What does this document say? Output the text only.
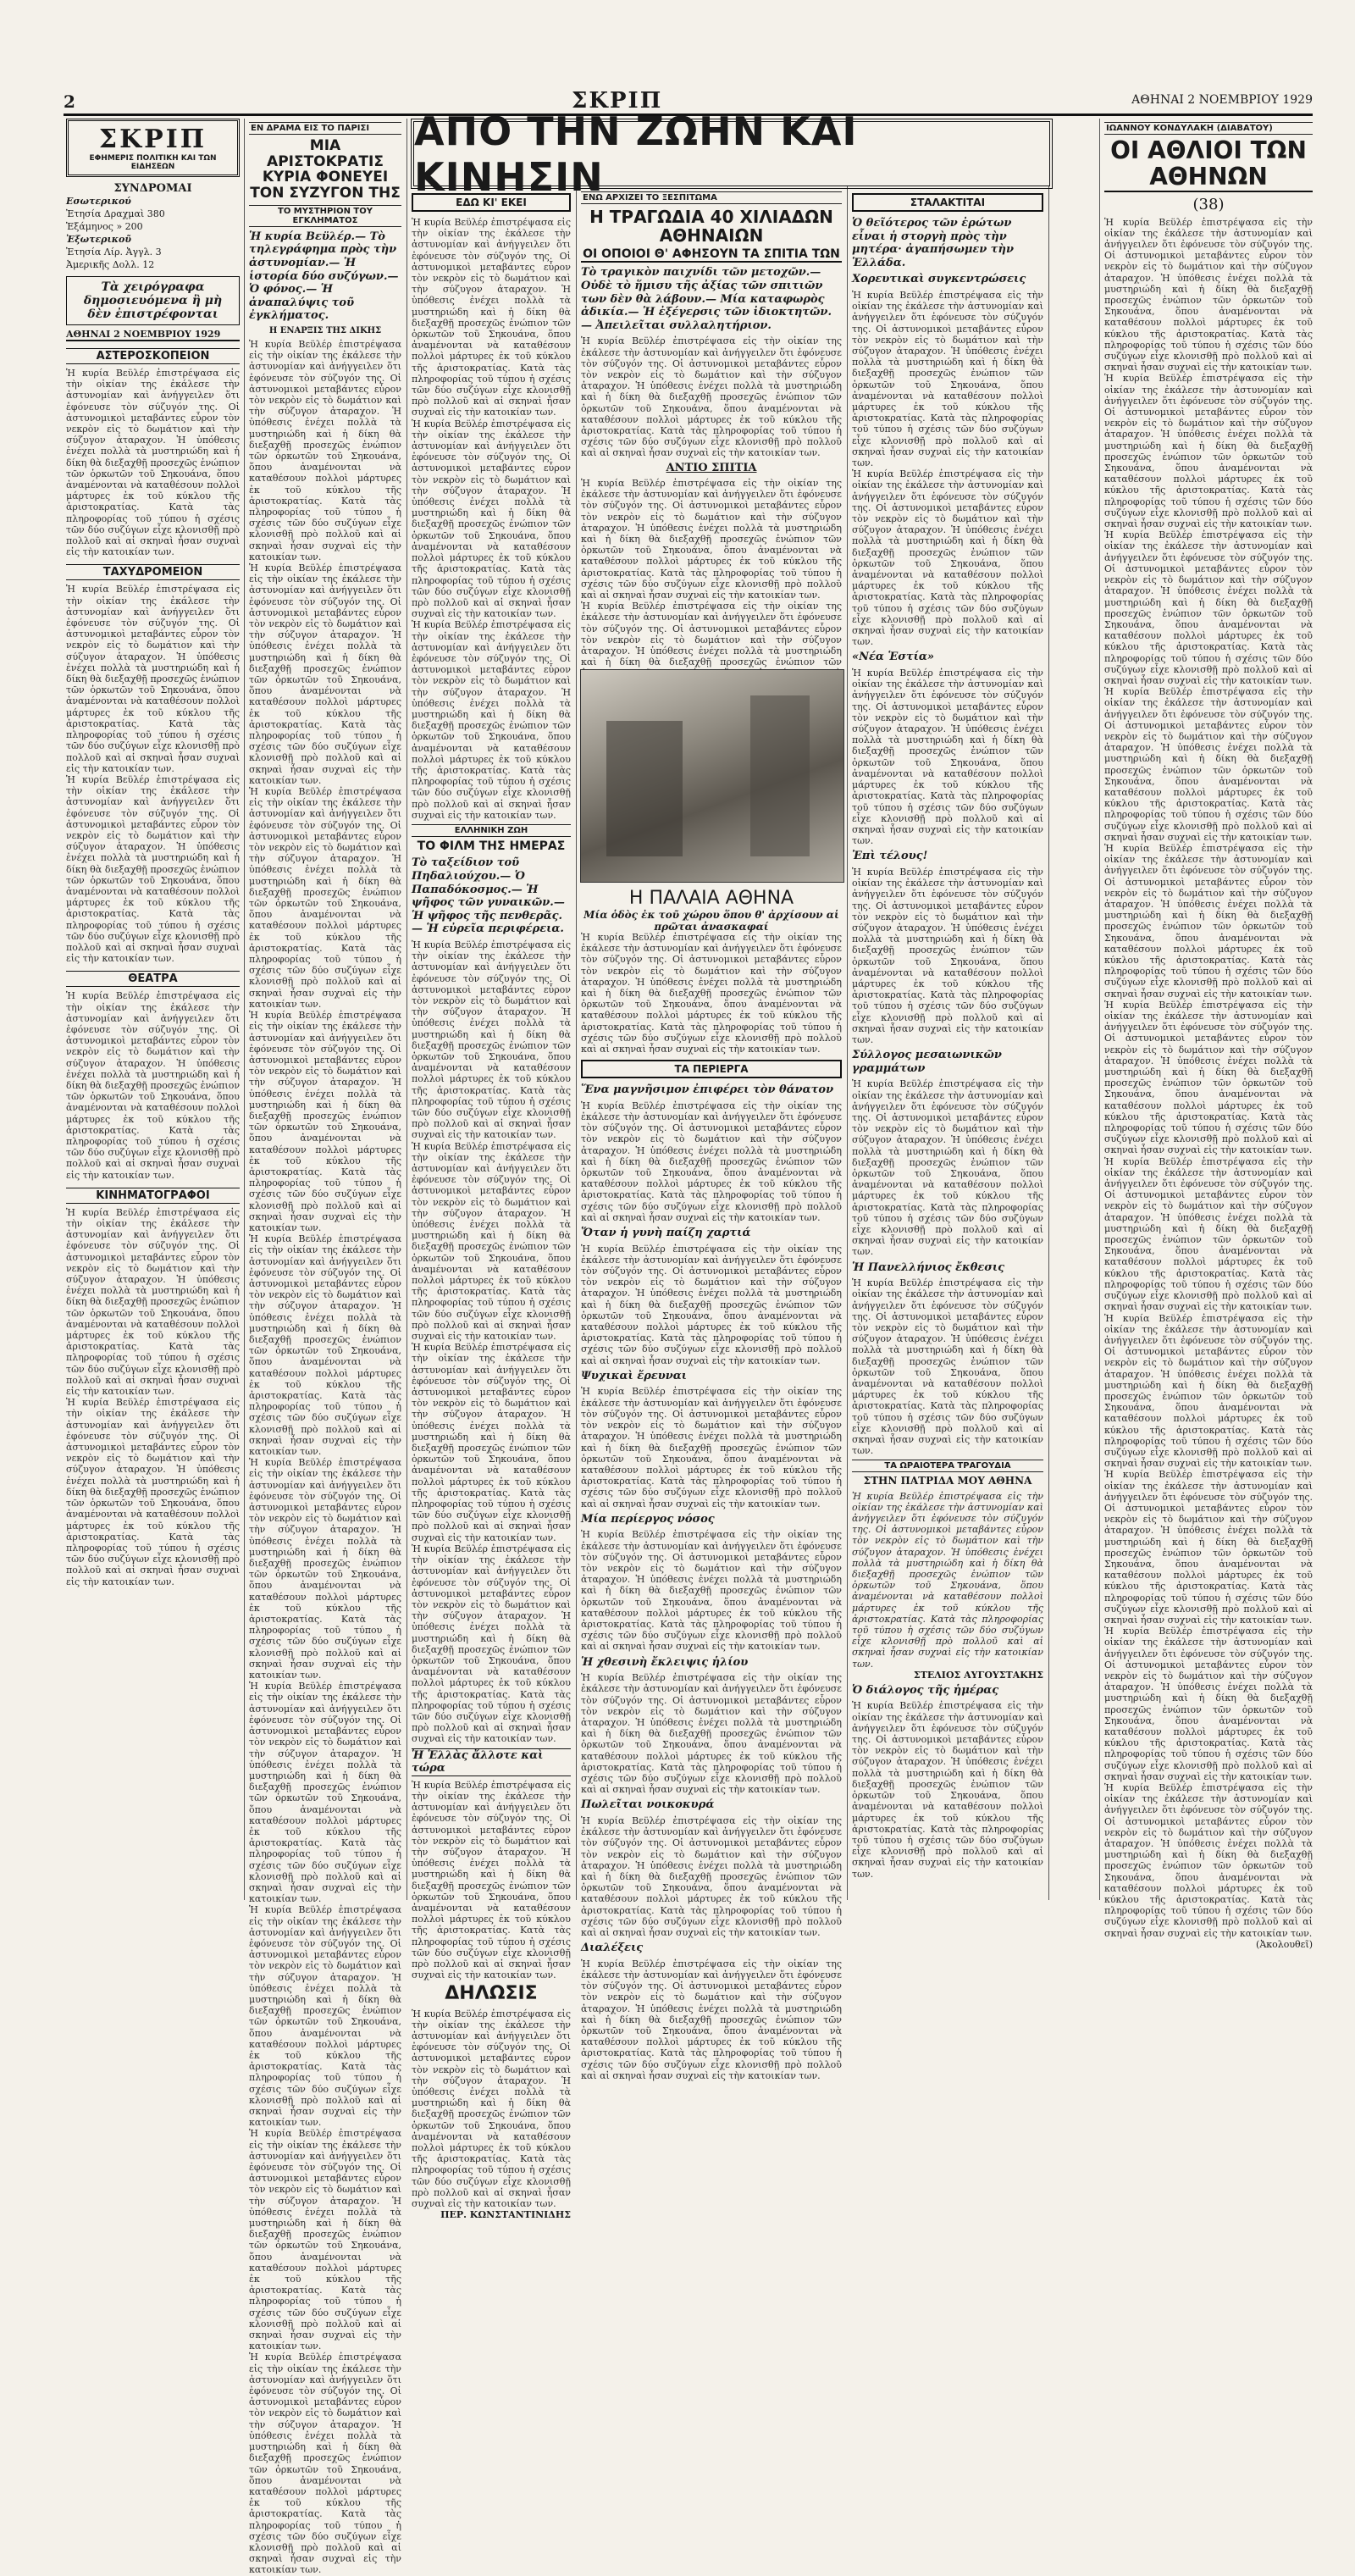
2	ΣΚΡΙΠ	ΑΘΗΝΑΙ 2 ΝΟΕΜΒΡΙΟΥ 1929
ΣΚΡΙΠ
ΕΦΗΜΕΡΙΣ ΠΟΛΙΤΙΚΗ ΚΑΙ ΤΩΝ ΕΙΔΗΣΕΩΝ
ΣΥΝΔΡΟΜΑΙ
Εσωτερικού
Ἐτησία Δραχμαὶ 380
Ἑξάμηνος » 200
Ἐξωτερικοῦ
Ἐτησία Λίρ. Ἀγγλ. 3
Ἀμερικῆς Δολλ. 12
Τὰ χειρόγραφα δημοσιευόμενα ἢ μὴ δὲν ἐπιστρέφονται
ΑΘΗΝΑΙ 2 ΝΟΕΜΒΡΙΟΥ 1929
ΑΣΤΕΡΟΣΚΟΠΕΙΟΝ
Ἡ κυρία Βεϋλέρ ἐπιστρέψασα εἰς τὴν οἰκίαν της ἐκάλεσε τὴν ἀστυνομίαν καὶ ἀνήγγειλεν ὅτι ἐφόνευσε τὸν σύζυγόν της. Οἱ ἀστυνομικοὶ μεταβάντες εὗρον τὸν νεκρὸν εἰς τὸ δωμάτιον καὶ τὴν σύζυγον ἀταραχον. Ἡ ὑπόθεσις ἐνέχει πολλὰ τὰ μυστηριώδη καὶ ἡ δίκη θὰ διεξαχθῇ προσεχῶς ἐνώπιον τῶν ὁρκωτῶν τοῦ Σηκουάνα, ὅπου ἀναμένονται νὰ καταθέσουν πολλοὶ μάρτυρες ἐκ τοῦ κύκλου τῆς ἀριστοκρατίας. Κατὰ τὰς πληροφορίας τοῦ τύπου ἡ σχέσις τῶν δύο συζύγων εἶχε κλονισθῇ πρὸ πολλοῦ καὶ αἱ σκηναὶ ἦσαν συχναὶ εἰς τὴν κατοικίαν των.
ΤΑΧΥΔΡΟΜΕΙΟΝ
Ἡ κυρία Βεϋλέρ ἐπιστρέψασα εἰς τὴν οἰκίαν της ἐκάλεσε τὴν ἀστυνομίαν καὶ ἀνήγγειλεν ὅτι ἐφόνευσε τὸν σύζυγόν της. Οἱ ἀστυνομικοὶ μεταβάντες εὗρον τὸν νεκρὸν εἰς τὸ δωμάτιον καὶ τὴν σύζυγον ἀταραχον. Ἡ ὑπόθεσις ἐνέχει πολλὰ τὰ μυστηριώδη καὶ ἡ δίκη θὰ διεξαχθῇ προσεχῶς ἐνώπιον τῶν ὁρκωτῶν τοῦ Σηκουάνα, ὅπου ἀναμένονται νὰ καταθέσουν πολλοὶ μάρτυρες ἐκ τοῦ κύκλου τῆς ἀριστοκρατίας. Κατὰ τὰς πληροφορίας τοῦ τύπου ἡ σχέσις τῶν δύο συζύγων εἶχε κλονισθῇ πρὸ πολλοῦ καὶ αἱ σκηναὶ ἦσαν συχναὶ εἰς τὴν κατοικίαν των.
Ἡ κυρία Βεϋλέρ ἐπιστρέψασα εἰς τὴν οἰκίαν της ἐκάλεσε τὴν ἀστυνομίαν καὶ ἀνήγγειλεν ὅτι ἐφόνευσε τὸν σύζυγόν της. Οἱ ἀστυνομικοὶ μεταβάντες εὗρον τὸν νεκρὸν εἰς τὸ δωμάτιον καὶ τὴν σύζυγον ἀταραχον. Ἡ ὑπόθεσις ἐνέχει πολλὰ τὰ μυστηριώδη καὶ ἡ δίκη θὰ διεξαχθῇ προσεχῶς ἐνώπιον τῶν ὁρκωτῶν τοῦ Σηκουάνα, ὅπου ἀναμένονται νὰ καταθέσουν πολλοὶ μάρτυρες ἐκ τοῦ κύκλου τῆς ἀριστοκρατίας. Κατὰ τὰς πληροφορίας τοῦ τύπου ἡ σχέσις τῶν δύο συζύγων εἶχε κλονισθῇ πρὸ πολλοῦ καὶ αἱ σκηναὶ ἦσαν συχναὶ εἰς τὴν κατοικίαν των.
ΘΕΑΤΡΑ
Ἡ κυρία Βεϋλέρ ἐπιστρέψασα εἰς τὴν οἰκίαν της ἐκάλεσε τὴν ἀστυνομίαν καὶ ἀνήγγειλεν ὅτι ἐφόνευσε τὸν σύζυγόν της. Οἱ ἀστυνομικοὶ μεταβάντες εὗρον τὸν νεκρὸν εἰς τὸ δωμάτιον καὶ τὴν σύζυγον ἀταραχον. Ἡ ὑπόθεσις ἐνέχει πολλὰ τὰ μυστηριώδη καὶ ἡ δίκη θὰ διεξαχθῇ προσεχῶς ἐνώπιον τῶν ὁρκωτῶν τοῦ Σηκουάνα, ὅπου ἀναμένονται νὰ καταθέσουν πολλοὶ μάρτυρες ἐκ τοῦ κύκλου τῆς ἀριστοκρατίας. Κατὰ τὰς πληροφορίας τοῦ τύπου ἡ σχέσις τῶν δύο συζύγων εἶχε κλονισθῇ πρὸ πολλοῦ καὶ αἱ σκηναὶ ἦσαν συχναὶ εἰς τὴν κατοικίαν των.
ΚΙΝΗΜΑΤΟΓΡΑΦΟΙ
Ἡ κυρία Βεϋλέρ ἐπιστρέψασα εἰς τὴν οἰκίαν της ἐκάλεσε τὴν ἀστυνομίαν καὶ ἀνήγγειλεν ὅτι ἐφόνευσε τὸν σύζυγόν της. Οἱ ἀστυνομικοὶ μεταβάντες εὗρον τὸν νεκρὸν εἰς τὸ δωμάτιον καὶ τὴν σύζυγον ἀταραχον. Ἡ ὑπόθεσις ἐνέχει πολλὰ τὰ μυστηριώδη καὶ ἡ δίκη θὰ διεξαχθῇ προσεχῶς ἐνώπιον τῶν ὁρκωτῶν τοῦ Σηκουάνα, ὅπου ἀναμένονται νὰ καταθέσουν πολλοὶ μάρτυρες ἐκ τοῦ κύκλου τῆς ἀριστοκρατίας. Κατὰ τὰς πληροφορίας τοῦ τύπου ἡ σχέσις τῶν δύο συζύγων εἶχε κλονισθῇ πρὸ πολλοῦ καὶ αἱ σκηναὶ ἦσαν συχναὶ εἰς τὴν κατοικίαν των.
Ἡ κυρία Βεϋλέρ ἐπιστρέψασα εἰς τὴν οἰκίαν της ἐκάλεσε τὴν ἀστυνομίαν καὶ ἀνήγγειλεν ὅτι ἐφόνευσε τὸν σύζυγόν της. Οἱ ἀστυνομικοὶ μεταβάντες εὗρον τὸν νεκρὸν εἰς τὸ δωμάτιον καὶ τὴν σύζυγον ἀταραχον. Ἡ ὑπόθεσις ἐνέχει πολλὰ τὰ μυστηριώδη καὶ ἡ δίκη θὰ διεξαχθῇ προσεχῶς ἐνώπιον τῶν ὁρκωτῶν τοῦ Σηκουάνα, ὅπου ἀναμένονται νὰ καταθέσουν πολλοὶ μάρτυρες ἐκ τοῦ κύκλου τῆς ἀριστοκρατίας. Κατὰ τὰς πληροφορίας τοῦ τύπου ἡ σχέσις τῶν δύο συζύγων εἶχε κλονισθῇ πρὸ πολλοῦ καὶ αἱ σκηναὶ ἦσαν συχναὶ εἰς τὴν κατοικίαν των.
ΕΝ ΔΡΑΜΑ ΕΙΣ ΤΟ ΠΑΡΙΣΙ
ΜΙΑ ΑΡΙΣΤΟΚΡΑΤΙΣ ΚΥΡΙΑ ΦΟΝΕΥΕΙ ΤΟΝ ΣΥΖΥΓΟΝ ΤΗΣ
ΤΟ ΜΥΣΤΗΡΙΟΝ ΤΟΥ ΕΓΚΛΗΜΑΤΟΣ
Ἡ κυρία Βεϋλέρ.— Τὸ τηλεγράφημα πρὸς τὴν ἀστυνομίαν.— Ἡ ἱστορία δύο συζύγων.— Ὁ φόνος.— Ἡ ἀναπαλύψις τοῦ ἐγκλήματος.
Η ΕΝΑΡΞΙΣ ΤΗΣ ΔΙΚΗΣ
Ἡ κυρία Βεϋλέρ ἐπιστρέψασα εἰς τὴν οἰκίαν της ἐκάλεσε τὴν ἀστυνομίαν καὶ ἀνήγγειλεν ὅτι ἐφόνευσε τὸν σύζυγόν της. Οἱ ἀστυνομικοὶ μεταβάντες εὗρον τὸν νεκρὸν εἰς τὸ δωμάτιον καὶ τὴν σύζυγον ἀταραχον. Ἡ ὑπόθεσις ἐνέχει πολλὰ τὰ μυστηριώδη καὶ ἡ δίκη θὰ διεξαχθῇ προσεχῶς ἐνώπιον τῶν ὁρκωτῶν τοῦ Σηκουάνα, ὅπου ἀναμένονται νὰ καταθέσουν πολλοὶ μάρτυρες ἐκ τοῦ κύκλου τῆς ἀριστοκρατίας. Κατὰ τὰς πληροφορίας τοῦ τύπου ἡ σχέσις τῶν δύο συζύγων εἶχε κλονισθῇ πρὸ πολλοῦ καὶ αἱ σκηναὶ ἦσαν συχναὶ εἰς τὴν κατοικίαν των.
Ἡ κυρία Βεϋλέρ ἐπιστρέψασα εἰς τὴν οἰκίαν της ἐκάλεσε τὴν ἀστυνομίαν καὶ ἀνήγγειλεν ὅτι ἐφόνευσε τὸν σύζυγόν της. Οἱ ἀστυνομικοὶ μεταβάντες εὗρον τὸν νεκρὸν εἰς τὸ δωμάτιον καὶ τὴν σύζυγον ἀταραχον. Ἡ ὑπόθεσις ἐνέχει πολλὰ τὰ μυστηριώδη καὶ ἡ δίκη θὰ διεξαχθῇ προσεχῶς ἐνώπιον τῶν ὁρκωτῶν τοῦ Σηκουάνα, ὅπου ἀναμένονται νὰ καταθέσουν πολλοὶ μάρτυρες ἐκ τοῦ κύκλου τῆς ἀριστοκρατίας. Κατὰ τὰς πληροφορίας τοῦ τύπου ἡ σχέσις τῶν δύο συζύγων εἶχε κλονισθῇ πρὸ πολλοῦ καὶ αἱ σκηναὶ ἦσαν συχναὶ εἰς τὴν κατοικίαν των.
Ἡ κυρία Βεϋλέρ ἐπιστρέψασα εἰς τὴν οἰκίαν της ἐκάλεσε τὴν ἀστυνομίαν καὶ ἀνήγγειλεν ὅτι ἐφόνευσε τὸν σύζυγόν της. Οἱ ἀστυνομικοὶ μεταβάντες εὗρον τὸν νεκρὸν εἰς τὸ δωμάτιον καὶ τὴν σύζυγον ἀταραχον. Ἡ ὑπόθεσις ἐνέχει πολλὰ τὰ μυστηριώδη καὶ ἡ δίκη θὰ διεξαχθῇ προσεχῶς ἐνώπιον τῶν ὁρκωτῶν τοῦ Σηκουάνα, ὅπου ἀναμένονται νὰ καταθέσουν πολλοὶ μάρτυρες ἐκ τοῦ κύκλου τῆς ἀριστοκρατίας. Κατὰ τὰς πληροφορίας τοῦ τύπου ἡ σχέσις τῶν δύο συζύγων εἶχε κλονισθῇ πρὸ πολλοῦ καὶ αἱ σκηναὶ ἦσαν συχναὶ εἰς τὴν κατοικίαν των.
Ἡ κυρία Βεϋλέρ ἐπιστρέψασα εἰς τὴν οἰκίαν της ἐκάλεσε τὴν ἀστυνομίαν καὶ ἀνήγγειλεν ὅτι ἐφόνευσε τὸν σύζυγόν της. Οἱ ἀστυνομικοὶ μεταβάντες εὗρον τὸν νεκρὸν εἰς τὸ δωμάτιον καὶ τὴν σύζυγον ἀταραχον. Ἡ ὑπόθεσις ἐνέχει πολλὰ τὰ μυστηριώδη καὶ ἡ δίκη θὰ διεξαχθῇ προσεχῶς ἐνώπιον τῶν ὁρκωτῶν τοῦ Σηκουάνα, ὅπου ἀναμένονται νὰ καταθέσουν πολλοὶ μάρτυρες ἐκ τοῦ κύκλου τῆς ἀριστοκρατίας. Κατὰ τὰς πληροφορίας τοῦ τύπου ἡ σχέσις τῶν δύο συζύγων εἶχε κλονισθῇ πρὸ πολλοῦ καὶ αἱ σκηναὶ ἦσαν συχναὶ εἰς τὴν κατοικίαν των.
Ἡ κυρία Βεϋλέρ ἐπιστρέψασα εἰς τὴν οἰκίαν της ἐκάλεσε τὴν ἀστυνομίαν καὶ ἀνήγγειλεν ὅτι ἐφόνευσε τὸν σύζυγόν της. Οἱ ἀστυνομικοὶ μεταβάντες εὗρον τὸν νεκρὸν εἰς τὸ δωμάτιον καὶ τὴν σύζυγον ἀταραχον. Ἡ ὑπόθεσις ἐνέχει πολλὰ τὰ μυστηριώδη καὶ ἡ δίκη θὰ διεξαχθῇ προσεχῶς ἐνώπιον τῶν ὁρκωτῶν τοῦ Σηκουάνα, ὅπου ἀναμένονται νὰ καταθέσουν πολλοὶ μάρτυρες ἐκ τοῦ κύκλου τῆς ἀριστοκρατίας. Κατὰ τὰς πληροφορίας τοῦ τύπου ἡ σχέσις τῶν δύο συζύγων εἶχε κλονισθῇ πρὸ πολλοῦ καὶ αἱ σκηναὶ ἦσαν συχναὶ εἰς τὴν κατοικίαν των.
Ἡ κυρία Βεϋλέρ ἐπιστρέψασα εἰς τὴν οἰκίαν της ἐκάλεσε τὴν ἀστυνομίαν καὶ ἀνήγγειλεν ὅτι ἐφόνευσε τὸν σύζυγόν της. Οἱ ἀστυνομικοὶ μεταβάντες εὗρον τὸν νεκρὸν εἰς τὸ δωμάτιον καὶ τὴν σύζυγον ἀταραχον. Ἡ ὑπόθεσις ἐνέχει πολλὰ τὰ μυστηριώδη καὶ ἡ δίκη θὰ διεξαχθῇ προσεχῶς ἐνώπιον τῶν ὁρκωτῶν τοῦ Σηκουάνα, ὅπου ἀναμένονται νὰ καταθέσουν πολλοὶ μάρτυρες ἐκ τοῦ κύκλου τῆς ἀριστοκρατίας. Κατὰ τὰς πληροφορίας τοῦ τύπου ἡ σχέσις τῶν δύο συζύγων εἶχε κλονισθῇ πρὸ πολλοῦ καὶ αἱ σκηναὶ ἦσαν συχναὶ εἰς τὴν κατοικίαν των.
Ἡ κυρία Βεϋλέρ ἐπιστρέψασα εἰς τὴν οἰκίαν της ἐκάλεσε τὴν ἀστυνομίαν καὶ ἀνήγγειλεν ὅτι ἐφόνευσε τὸν σύζυγόν της. Οἱ ἀστυνομικοὶ μεταβάντες εὗρον τὸν νεκρὸν εἰς τὸ δωμάτιον καὶ τὴν σύζυγον ἀταραχον. Ἡ ὑπόθεσις ἐνέχει πολλὰ τὰ μυστηριώδη καὶ ἡ δίκη θὰ διεξαχθῇ προσεχῶς ἐνώπιον τῶν ὁρκωτῶν τοῦ Σηκουάνα, ὅπου ἀναμένονται νὰ καταθέσουν πολλοὶ μάρτυρες ἐκ τοῦ κύκλου τῆς ἀριστοκρατίας. Κατὰ τὰς πληροφορίας τοῦ τύπου ἡ σχέσις τῶν δύο συζύγων εἶχε κλονισθῇ πρὸ πολλοῦ καὶ αἱ σκηναὶ ἦσαν συχναὶ εἰς τὴν κατοικίαν των.
Ἡ κυρία Βεϋλέρ ἐπιστρέψασα εἰς τὴν οἰκίαν της ἐκάλεσε τὴν ἀστυνομίαν καὶ ἀνήγγειλεν ὅτι ἐφόνευσε τὸν σύζυγόν της. Οἱ ἀστυνομικοὶ μεταβάντες εὗρον τὸν νεκρὸν εἰς τὸ δωμάτιον καὶ τὴν σύζυγον ἀταραχον. Ἡ ὑπόθεσις ἐνέχει πολλὰ τὰ μυστηριώδη καὶ ἡ δίκη θὰ διεξαχθῇ προσεχῶς ἐνώπιον τῶν ὁρκωτῶν τοῦ Σηκουάνα, ὅπου ἀναμένονται νὰ καταθέσουν πολλοὶ μάρτυρες ἐκ τοῦ κύκλου τῆς ἀριστοκρατίας. Κατὰ τὰς πληροφορίας τοῦ τύπου ἡ σχέσις τῶν δύο συζύγων εἶχε κλονισθῇ πρὸ πολλοῦ καὶ αἱ σκηναὶ ἦσαν συχναὶ εἰς τὴν κατοικίαν των.
Ἡ κυρία Βεϋλέρ ἐπιστρέψασα εἰς τὴν οἰκίαν της ἐκάλεσε τὴν ἀστυνομίαν καὶ ἀνήγγειλεν ὅτι ἐφόνευσε τὸν σύζυγόν της. Οἱ ἀστυνομικοὶ μεταβάντες εὗρον τὸν νεκρὸν εἰς τὸ δωμάτιον καὶ τὴν σύζυγον ἀταραχον. Ἡ ὑπόθεσις ἐνέχει πολλὰ τὰ μυστηριώδη καὶ ἡ δίκη θὰ διεξαχθῇ προσεχῶς ἐνώπιον τῶν ὁρκωτῶν τοῦ Σηκουάνα, ὅπου ἀναμένονται νὰ καταθέσουν πολλοὶ μάρτυρες ἐκ τοῦ κύκλου τῆς ἀριστοκρατίας. Κατὰ τὰς πληροφορίας τοῦ τύπου ἡ σχέσις τῶν δύο συζύγων εἶχε κλονισθῇ πρὸ πολλοῦ καὶ αἱ σκηναὶ ἦσαν συχναὶ εἰς τὴν κατοικίαν των.
Ἡ κυρία Βεϋλέρ ἐπιστρέψασα εἰς τὴν οἰκίαν της ἐκάλεσε τὴν ἀστυνομίαν καὶ ἀνήγγειλεν ὅτι ἐφόνευσε τὸν σύζυγόν της. Οἱ ἀστυνομικοὶ μεταβάντες εὗρον τὸν νεκρὸν εἰς τὸ δωμάτιον καὶ τὴν σύζυγον ἀταραχον. Ἡ ὑπόθεσις ἐνέχει πολλὰ τὰ μυστηριώδη καὶ ἡ δίκη θὰ διεξαχθῇ προσεχῶς ἐνώπιον τῶν ὁρκωτῶν τοῦ Σηκουάνα, ὅπου ἀναμένονται νὰ καταθέσουν πολλοὶ μάρτυρες ἐκ τοῦ κύκλου τῆς ἀριστοκρατίας. Κατὰ τὰς πληροφορίας τοῦ τύπου ἡ σχέσις τῶν δύο συζύγων εἶχε κλονισθῇ πρὸ πολλοῦ καὶ αἱ σκηναὶ ἦσαν συχναὶ εἰς τὴν κατοικίαν των.
ΑΠΟ ΤΗΝ ΖΩΗΝ ΚΑΙ ΚΙΝΗΣΙΝ
ΕΔΩ ΚΙ' ΕΚΕΙ
Ἡ κυρία Βεϋλέρ ἐπιστρέψασα εἰς τὴν οἰκίαν της ἐκάλεσε τὴν ἀστυνομίαν καὶ ἀνήγγειλεν ὅτι ἐφόνευσε τὸν σύζυγόν της. Οἱ ἀστυνομικοὶ μεταβάντες εὗρον τὸν νεκρὸν εἰς τὸ δωμάτιον καὶ τὴν σύζυγον ἀταραχον. Ἡ ὑπόθεσις ἐνέχει πολλὰ τὰ μυστηριώδη καὶ ἡ δίκη θὰ διεξαχθῇ προσεχῶς ἐνώπιον τῶν ὁρκωτῶν τοῦ Σηκουάνα, ὅπου ἀναμένονται νὰ καταθέσουν πολλοὶ μάρτυρες ἐκ τοῦ κύκλου τῆς ἀριστοκρατίας. Κατὰ τὰς πληροφορίας τοῦ τύπου ἡ σχέσις τῶν δύο συζύγων εἶχε κλονισθῇ πρὸ πολλοῦ καὶ αἱ σκηναὶ ἦσαν συχναὶ εἰς τὴν κατοικίαν των.
Ἡ κυρία Βεϋλέρ ἐπιστρέψασα εἰς τὴν οἰκίαν της ἐκάλεσε τὴν ἀστυνομίαν καὶ ἀνήγγειλεν ὅτι ἐφόνευσε τὸν σύζυγόν της. Οἱ ἀστυνομικοὶ μεταβάντες εὗρον τὸν νεκρὸν εἰς τὸ δωμάτιον καὶ τὴν σύζυγον ἀταραχον. Ἡ ὑπόθεσις ἐνέχει πολλὰ τὰ μυστηριώδη καὶ ἡ δίκη θὰ διεξαχθῇ προσεχῶς ἐνώπιον τῶν ὁρκωτῶν τοῦ Σηκουάνα, ὅπου ἀναμένονται νὰ καταθέσουν πολλοὶ μάρτυρες ἐκ τοῦ κύκλου τῆς ἀριστοκρατίας. Κατὰ τὰς πληροφορίας τοῦ τύπου ἡ σχέσις τῶν δύο συζύγων εἶχε κλονισθῇ πρὸ πολλοῦ καὶ αἱ σκηναὶ ἦσαν συχναὶ εἰς τὴν κατοικίαν των.
Ἡ κυρία Βεϋλέρ ἐπιστρέψασα εἰς τὴν οἰκίαν της ἐκάλεσε τὴν ἀστυνομίαν καὶ ἀνήγγειλεν ὅτι ἐφόνευσε τὸν σύζυγόν της. Οἱ ἀστυνομικοὶ μεταβάντες εὗρον τὸν νεκρὸν εἰς τὸ δωμάτιον καὶ τὴν σύζυγον ἀταραχον. Ἡ ὑπόθεσις ἐνέχει πολλὰ τὰ μυστηριώδη καὶ ἡ δίκη θὰ διεξαχθῇ προσεχῶς ἐνώπιον τῶν ὁρκωτῶν τοῦ Σηκουάνα, ὅπου ἀναμένονται νὰ καταθέσουν πολλοὶ μάρτυρες ἐκ τοῦ κύκλου τῆς ἀριστοκρατίας. Κατὰ τὰς πληροφορίας τοῦ τύπου ἡ σχέσις τῶν δύο συζύγων εἶχε κλονισθῇ πρὸ πολλοῦ καὶ αἱ σκηναὶ ἦσαν συχναὶ εἰς τὴν κατοικίαν των.
ΕΛΛΗΝΙΚΗ ΖΩΗ
ΤΟ ΦΙΛΜ ΤΗΣ ΗΜΕΡΑΣ
Τὸ ταξείδιον τοῦ Πηδαλιούχου.— Ὁ Παπαδόκοσμος.— Ἡ ψῆφος τῶν γυναικῶν.— Ἡ ψῆφος τῆς πενθερᾶς.— Ἡ εὐρεῖα περιφέρεια.
Ἡ κυρία Βεϋλέρ ἐπιστρέψασα εἰς τὴν οἰκίαν της ἐκάλεσε τὴν ἀστυνομίαν καὶ ἀνήγγειλεν ὅτι ἐφόνευσε τὸν σύζυγόν της. Οἱ ἀστυνομικοὶ μεταβάντες εὗρον τὸν νεκρὸν εἰς τὸ δωμάτιον καὶ τὴν σύζυγον ἀταραχον. Ἡ ὑπόθεσις ἐνέχει πολλὰ τὰ μυστηριώδη καὶ ἡ δίκη θὰ διεξαχθῇ προσεχῶς ἐνώπιον τῶν ὁρκωτῶν τοῦ Σηκουάνα, ὅπου ἀναμένονται νὰ καταθέσουν πολλοὶ μάρτυρες ἐκ τοῦ κύκλου τῆς ἀριστοκρατίας. Κατὰ τὰς πληροφορίας τοῦ τύπου ἡ σχέσις τῶν δύο συζύγων εἶχε κλονισθῇ πρὸ πολλοῦ καὶ αἱ σκηναὶ ἦσαν συχναὶ εἰς τὴν κατοικίαν των.
Ἡ κυρία Βεϋλέρ ἐπιστρέψασα εἰς τὴν οἰκίαν της ἐκάλεσε τὴν ἀστυνομίαν καὶ ἀνήγγειλεν ὅτι ἐφόνευσε τὸν σύζυγόν της. Οἱ ἀστυνομικοὶ μεταβάντες εὗρον τὸν νεκρὸν εἰς τὸ δωμάτιον καὶ τὴν σύζυγον ἀταραχον. Ἡ ὑπόθεσις ἐνέχει πολλὰ τὰ μυστηριώδη καὶ ἡ δίκη θὰ διεξαχθῇ προσεχῶς ἐνώπιον τῶν ὁρκωτῶν τοῦ Σηκουάνα, ὅπου ἀναμένονται νὰ καταθέσουν πολλοὶ μάρτυρες ἐκ τοῦ κύκλου τῆς ἀριστοκρατίας. Κατὰ τὰς πληροφορίας τοῦ τύπου ἡ σχέσις τῶν δύο συζύγων εἶχε κλονισθῇ πρὸ πολλοῦ καὶ αἱ σκηναὶ ἦσαν συχναὶ εἰς τὴν κατοικίαν των.
Ἡ κυρία Βεϋλέρ ἐπιστρέψασα εἰς τὴν οἰκίαν της ἐκάλεσε τὴν ἀστυνομίαν καὶ ἀνήγγειλεν ὅτι ἐφόνευσε τὸν σύζυγόν της. Οἱ ἀστυνομικοὶ μεταβάντες εὗρον τὸν νεκρὸν εἰς τὸ δωμάτιον καὶ τὴν σύζυγον ἀταραχον. Ἡ ὑπόθεσις ἐνέχει πολλὰ τὰ μυστηριώδη καὶ ἡ δίκη θὰ διεξαχθῇ προσεχῶς ἐνώπιον τῶν ὁρκωτῶν τοῦ Σηκουάνα, ὅπου ἀναμένονται νὰ καταθέσουν πολλοὶ μάρτυρες ἐκ τοῦ κύκλου τῆς ἀριστοκρατίας. Κατὰ τὰς πληροφορίας τοῦ τύπου ἡ σχέσις τῶν δύο συζύγων εἶχε κλονισθῇ πρὸ πολλοῦ καὶ αἱ σκηναὶ ἦσαν συχναὶ εἰς τὴν κατοικίαν των.
Ἡ κυρία Βεϋλέρ ἐπιστρέψασα εἰς τὴν οἰκίαν της ἐκάλεσε τὴν ἀστυνομίαν καὶ ἀνήγγειλεν ὅτι ἐφόνευσε τὸν σύζυγόν της. Οἱ ἀστυνομικοὶ μεταβάντες εὗρον τὸν νεκρὸν εἰς τὸ δωμάτιον καὶ τὴν σύζυγον ἀταραχον. Ἡ ὑπόθεσις ἐνέχει πολλὰ τὰ μυστηριώδη καὶ ἡ δίκη θὰ διεξαχθῇ προσεχῶς ἐνώπιον τῶν ὁρκωτῶν τοῦ Σηκουάνα, ὅπου ἀναμένονται νὰ καταθέσουν πολλοὶ μάρτυρες ἐκ τοῦ κύκλου τῆς ἀριστοκρατίας. Κατὰ τὰς πληροφορίας τοῦ τύπου ἡ σχέσις τῶν δύο συζύγων εἶχε κλονισθῇ πρὸ πολλοῦ καὶ αἱ σκηναὶ ἦσαν συχναὶ εἰς τὴν κατοικίαν των.
Ἡ Ἑλλὰς ἄλλοτε καὶ τώρα
Ἡ κυρία Βεϋλέρ ἐπιστρέψασα εἰς τὴν οἰκίαν της ἐκάλεσε τὴν ἀστυνομίαν καὶ ἀνήγγειλεν ὅτι ἐφόνευσε τὸν σύζυγόν της. Οἱ ἀστυνομικοὶ μεταβάντες εὗρον τὸν νεκρὸν εἰς τὸ δωμάτιον καὶ τὴν σύζυγον ἀταραχον. Ἡ ὑπόθεσις ἐνέχει πολλὰ τὰ μυστηριώδη καὶ ἡ δίκη θὰ διεξαχθῇ προσεχῶς ἐνώπιον τῶν ὁρκωτῶν τοῦ Σηκουάνα, ὅπου ἀναμένονται νὰ καταθέσουν πολλοὶ μάρτυρες ἐκ τοῦ κύκλου τῆς ἀριστοκρατίας. Κατὰ τὰς πληροφορίας τοῦ τύπου ἡ σχέσις τῶν δύο συζύγων εἶχε κλονισθῇ πρὸ πολλοῦ καὶ αἱ σκηναὶ ἦσαν συχναὶ εἰς τὴν κατοικίαν των.
ΔΗΛΩΣΙΣ
Ἡ κυρία Βεϋλέρ ἐπιστρέψασα εἰς τὴν οἰκίαν της ἐκάλεσε τὴν ἀστυνομίαν καὶ ἀνήγγειλεν ὅτι ἐφόνευσε τὸν σύζυγόν της. Οἱ ἀστυνομικοὶ μεταβάντες εὗρον τὸν νεκρὸν εἰς τὸ δωμάτιον καὶ τὴν σύζυγον ἀταραχον. Ἡ ὑπόθεσις ἐνέχει πολλὰ τὰ μυστηριώδη καὶ ἡ δίκη θὰ διεξαχθῇ προσεχῶς ἐνώπιον τῶν ὁρκωτῶν τοῦ Σηκουάνα, ὅπου ἀναμένονται νὰ καταθέσουν πολλοὶ μάρτυρες ἐκ τοῦ κύκλου τῆς ἀριστοκρατίας. Κατὰ τὰς πληροφορίας τοῦ τύπου ἡ σχέσις τῶν δύο συζύγων εἶχε κλονισθῇ πρὸ πολλοῦ καὶ αἱ σκηναὶ ἦσαν συχναὶ εἰς τὴν κατοικίαν των.
ΠΕΡ. ΚΩΝΣΤΑΝΤΙΝΙΔΗΣ
ΕΝΩ ΑΡΧΙΖΕΙ ΤΟ ΞΕΣΠΙΤΩΜΑ
Η ΤΡΑΓΩΔΙΑ 40 ΧΙΛΙΑΔΩΝ ΑΘΗΝΑΙΩΝ
ΟΙ ΟΠΟΙΟΙ Θ' ΑΦΗΣΟΥΝ ΤΑ ΣΠΙΤΙΑ ΤΩΝ
Τὸ τραγικὸν παιχνίδι τῶν μετοχῶν.— Οὐδὲ τὸ ἥμισυ τῆς ἀξίας τῶν σπιτιῶν των δὲν θὰ λάβουν.— Μία καταφωρὸς ἀδικία.— Ἡ ἐξέγερσις τῶν ἰδιοκτητῶν.— Ἀπειλεῖται συλλαλητήριον.
Ἡ κυρία Βεϋλέρ ἐπιστρέψασα εἰς τὴν οἰκίαν της ἐκάλεσε τὴν ἀστυνομίαν καὶ ἀνήγγειλεν ὅτι ἐφόνευσε τὸν σύζυγόν της. Οἱ ἀστυνομικοὶ μεταβάντες εὗρον τὸν νεκρὸν εἰς τὸ δωμάτιον καὶ τὴν σύζυγον ἀταραχον. Ἡ ὑπόθεσις ἐνέχει πολλὰ τὰ μυστηριώδη καὶ ἡ δίκη θὰ διεξαχθῇ προσεχῶς ἐνώπιον τῶν ὁρκωτῶν τοῦ Σηκουάνα, ὅπου ἀναμένονται νὰ καταθέσουν πολλοὶ μάρτυρες ἐκ τοῦ κύκλου τῆς ἀριστοκρατίας. Κατὰ τὰς πληροφορίας τοῦ τύπου ἡ σχέσις τῶν δύο συζύγων εἶχε κλονισθῇ πρὸ πολλοῦ καὶ αἱ σκηναὶ ἦσαν συχναὶ εἰς τὴν κατοικίαν των.
ΑΝΤΙΟ ΣΠΙΤΙΑ
Ἡ κυρία Βεϋλέρ ἐπιστρέψασα εἰς τὴν οἰκίαν της ἐκάλεσε τὴν ἀστυνομίαν καὶ ἀνήγγειλεν ὅτι ἐφόνευσε τὸν σύζυγόν της. Οἱ ἀστυνομικοὶ μεταβάντες εὗρον τὸν νεκρὸν εἰς τὸ δωμάτιον καὶ τὴν σύζυγον ἀταραχον. Ἡ ὑπόθεσις ἐνέχει πολλὰ τὰ μυστηριώδη καὶ ἡ δίκη θὰ διεξαχθῇ προσεχῶς ἐνώπιον τῶν ὁρκωτῶν τοῦ Σηκουάνα, ὅπου ἀναμένονται νὰ καταθέσουν πολλοὶ μάρτυρες ἐκ τοῦ κύκλου τῆς ἀριστοκρατίας. Κατὰ τὰς πληροφορίας τοῦ τύπου ἡ σχέσις τῶν δύο συζύγων εἶχε κλονισθῇ πρὸ πολλοῦ καὶ αἱ σκηναὶ ἦσαν συχναὶ εἰς τὴν κατοικίαν των.
Ἡ κυρία Βεϋλέρ ἐπιστρέψασα εἰς τὴν οἰκίαν της ἐκάλεσε τὴν ἀστυνομίαν καὶ ἀνήγγειλεν ὅτι ἐφόνευσε τὸν σύζυγόν της. Οἱ ἀστυνομικοὶ μεταβάντες εὗρον τὸν νεκρὸν εἰς τὸ δωμάτιον καὶ τὴν σύζυγον ἀταραχον. Ἡ ὑπόθεσις ἐνέχει πολλὰ τὰ μυστηριώδη καὶ ἡ δίκη θὰ διεξαχθῇ προσεχῶς ἐνώπιον τῶν
Η ΠΑΛΑΙΑ ΑΘΗΝΑ
Μία ὁδὸς ἐκ τοῦ χώρου ὅπου θ' ἀρχίσουν αἱ πρῶται ἀνασκαφαί
Ἡ κυρία Βεϋλέρ ἐπιστρέψασα εἰς τὴν οἰκίαν της ἐκάλεσε τὴν ἀστυνομίαν καὶ ἀνήγγειλεν ὅτι ἐφόνευσε τὸν σύζυγόν της. Οἱ ἀστυνομικοὶ μεταβάντες εὗρον τὸν νεκρὸν εἰς τὸ δωμάτιον καὶ τὴν σύζυγον ἀταραχον. Ἡ ὑπόθεσις ἐνέχει πολλὰ τὰ μυστηριώδη καὶ ἡ δίκη θὰ διεξαχθῇ προσεχῶς ἐνώπιον τῶν ὁρκωτῶν τοῦ Σηκουάνα, ὅπου ἀναμένονται νὰ καταθέσουν πολλοὶ μάρτυρες ἐκ τοῦ κύκλου τῆς ἀριστοκρατίας. Κατὰ τὰς πληροφορίας τοῦ τύπου ἡ σχέσις τῶν δύο συζύγων εἶχε κλονισθῇ πρὸ πολλοῦ καὶ αἱ σκηναὶ ἦσαν συχναὶ εἰς τὴν κατοικίαν των.
ΤΑ ΠΕΡΙΕΡΓΑ
Ἕνα μαγνῆσιμον ἐπιφέρει τὸν θάνατον
Ἡ κυρία Βεϋλέρ ἐπιστρέψασα εἰς τὴν οἰκίαν της ἐκάλεσε τὴν ἀστυνομίαν καὶ ἀνήγγειλεν ὅτι ἐφόνευσε τὸν σύζυγόν της. Οἱ ἀστυνομικοὶ μεταβάντες εὗρον τὸν νεκρὸν εἰς τὸ δωμάτιον καὶ τὴν σύζυγον ἀταραχον. Ἡ ὑπόθεσις ἐνέχει πολλὰ τὰ μυστηριώδη καὶ ἡ δίκη θὰ διεξαχθῇ προσεχῶς ἐνώπιον τῶν ὁρκωτῶν τοῦ Σηκουάνα, ὅπου ἀναμένονται νὰ καταθέσουν πολλοὶ μάρτυρες ἐκ τοῦ κύκλου τῆς ἀριστοκρατίας. Κατὰ τὰς πληροφορίας τοῦ τύπου ἡ σχέσις τῶν δύο συζύγων εἶχε κλονισθῇ πρὸ πολλοῦ καὶ αἱ σκηναὶ ἦσαν συχναὶ εἰς τὴν κατοικίαν των.
Ὅταν ἡ γυνὴ παίζη χαρτιά
Ἡ κυρία Βεϋλέρ ἐπιστρέψασα εἰς τὴν οἰκίαν της ἐκάλεσε τὴν ἀστυνομίαν καὶ ἀνήγγειλεν ὅτι ἐφόνευσε τὸν σύζυγόν της. Οἱ ἀστυνομικοὶ μεταβάντες εὗρον τὸν νεκρὸν εἰς τὸ δωμάτιον καὶ τὴν σύζυγον ἀταραχον. Ἡ ὑπόθεσις ἐνέχει πολλὰ τὰ μυστηριώδη καὶ ἡ δίκη θὰ διεξαχθῇ προσεχῶς ἐνώπιον τῶν ὁρκωτῶν τοῦ Σηκουάνα, ὅπου ἀναμένονται νὰ καταθέσουν πολλοὶ μάρτυρες ἐκ τοῦ κύκλου τῆς ἀριστοκρατίας. Κατὰ τὰς πληροφορίας τοῦ τύπου ἡ σχέσις τῶν δύο συζύγων εἶχε κλονισθῇ πρὸ πολλοῦ καὶ αἱ σκηναὶ ἦσαν συχναὶ εἰς τὴν κατοικίαν των.
Ψυχικαὶ ἔρευναι
Ἡ κυρία Βεϋλέρ ἐπιστρέψασα εἰς τὴν οἰκίαν της ἐκάλεσε τὴν ἀστυνομίαν καὶ ἀνήγγειλεν ὅτι ἐφόνευσε τὸν σύζυγόν της. Οἱ ἀστυνομικοὶ μεταβάντες εὗρον τὸν νεκρὸν εἰς τὸ δωμάτιον καὶ τὴν σύζυγον ἀταραχον. Ἡ ὑπόθεσις ἐνέχει πολλὰ τὰ μυστηριώδη καὶ ἡ δίκη θὰ διεξαχθῇ προσεχῶς ἐνώπιον τῶν ὁρκωτῶν τοῦ Σηκουάνα, ὅπου ἀναμένονται νὰ καταθέσουν πολλοὶ μάρτυρες ἐκ τοῦ κύκλου τῆς ἀριστοκρατίας. Κατὰ τὰς πληροφορίας τοῦ τύπου ἡ σχέσις τῶν δύο συζύγων εἶχε κλονισθῇ πρὸ πολλοῦ καὶ αἱ σκηναὶ ἦσαν συχναὶ εἰς τὴν κατοικίαν των.
Μία περίεργος νόσος
Ἡ κυρία Βεϋλέρ ἐπιστρέψασα εἰς τὴν οἰκίαν της ἐκάλεσε τὴν ἀστυνομίαν καὶ ἀνήγγειλεν ὅτι ἐφόνευσε τὸν σύζυγόν της. Οἱ ἀστυνομικοὶ μεταβάντες εὗρον τὸν νεκρὸν εἰς τὸ δωμάτιον καὶ τὴν σύζυγον ἀταραχον. Ἡ ὑπόθεσις ἐνέχει πολλὰ τὰ μυστηριώδη καὶ ἡ δίκη θὰ διεξαχθῇ προσεχῶς ἐνώπιον τῶν ὁρκωτῶν τοῦ Σηκουάνα, ὅπου ἀναμένονται νὰ καταθέσουν πολλοὶ μάρτυρες ἐκ τοῦ κύκλου τῆς ἀριστοκρατίας. Κατὰ τὰς πληροφορίας τοῦ τύπου ἡ σχέσις τῶν δύο συζύγων εἶχε κλονισθῇ πρὸ πολλοῦ καὶ αἱ σκηναὶ ἦσαν συχναὶ εἰς τὴν κατοικίαν των.
Ἡ χθεσινὴ ἔκλειψις ἡλίου
Ἡ κυρία Βεϋλέρ ἐπιστρέψασα εἰς τὴν οἰκίαν της ἐκάλεσε τὴν ἀστυνομίαν καὶ ἀνήγγειλεν ὅτι ἐφόνευσε τὸν σύζυγόν της. Οἱ ἀστυνομικοὶ μεταβάντες εὗρον τὸν νεκρὸν εἰς τὸ δωμάτιον καὶ τὴν σύζυγον ἀταραχον. Ἡ ὑπόθεσις ἐνέχει πολλὰ τὰ μυστηριώδη καὶ ἡ δίκη θὰ διεξαχθῇ προσεχῶς ἐνώπιον τῶν ὁρκωτῶν τοῦ Σηκουάνα, ὅπου ἀναμένονται νὰ καταθέσουν πολλοὶ μάρτυρες ἐκ τοῦ κύκλου τῆς ἀριστοκρατίας. Κατὰ τὰς πληροφορίας τοῦ τύπου ἡ σχέσις τῶν δύο συζύγων εἶχε κλονισθῇ πρὸ πολλοῦ καὶ αἱ σκηναὶ ἦσαν συχναὶ εἰς τὴν κατοικίαν των.
Πωλεῖται νοικοκυρά
Ἡ κυρία Βεϋλέρ ἐπιστρέψασα εἰς τὴν οἰκίαν της ἐκάλεσε τὴν ἀστυνομίαν καὶ ἀνήγγειλεν ὅτι ἐφόνευσε τὸν σύζυγόν της. Οἱ ἀστυνομικοὶ μεταβάντες εὗρον τὸν νεκρὸν εἰς τὸ δωμάτιον καὶ τὴν σύζυγον ἀταραχον. Ἡ ὑπόθεσις ἐνέχει πολλὰ τὰ μυστηριώδη καὶ ἡ δίκη θὰ διεξαχθῇ προσεχῶς ἐνώπιον τῶν ὁρκωτῶν τοῦ Σηκουάνα, ὅπου ἀναμένονται νὰ καταθέσουν πολλοὶ μάρτυρες ἐκ τοῦ κύκλου τῆς ἀριστοκρατίας. Κατὰ τὰς πληροφορίας τοῦ τύπου ἡ σχέσις τῶν δύο συζύγων εἶχε κλονισθῇ πρὸ πολλοῦ καὶ αἱ σκηναὶ ἦσαν συχναὶ εἰς τὴν κατοικίαν των.
Διαλέξεις
Ἡ κυρία Βεϋλέρ ἐπιστρέψασα εἰς τὴν οἰκίαν της ἐκάλεσε τὴν ἀστυνομίαν καὶ ἀνήγγειλεν ὅτι ἐφόνευσε τὸν σύζυγόν της. Οἱ ἀστυνομικοὶ μεταβάντες εὗρον τὸν νεκρὸν εἰς τὸ δωμάτιον καὶ τὴν σύζυγον ἀταραχον. Ἡ ὑπόθεσις ἐνέχει πολλὰ τὰ μυστηριώδη καὶ ἡ δίκη θὰ διεξαχθῇ προσεχῶς ἐνώπιον τῶν ὁρκωτῶν τοῦ Σηκουάνα, ὅπου ἀναμένονται νὰ καταθέσουν πολλοὶ μάρτυρες ἐκ τοῦ κύκλου τῆς ἀριστοκρατίας. Κατὰ τὰς πληροφορίας τοῦ τύπου ἡ σχέσις τῶν δύο συζύγων εἶχε κλονισθῇ πρὸ πολλοῦ καὶ αἱ σκηναὶ ἦσαν συχναὶ εἰς τὴν κατοικίαν των.
ΣΤΑΛΑΚΤΙΤΑΙ
Ὁ θεῖότερος τῶν ἐρώτων εἶναι ἡ στοργὴ πρὸς τὴν μητέρα· ἀγαπήσωμεν τὴν Ἑλλάδα.
Χορευτικαὶ συγκεντρώσεις
Ἡ κυρία Βεϋλέρ ἐπιστρέψασα εἰς τὴν οἰκίαν της ἐκάλεσε τὴν ἀστυνομίαν καὶ ἀνήγγειλεν ὅτι ἐφόνευσε τὸν σύζυγόν της. Οἱ ἀστυνομικοὶ μεταβάντες εὗρον τὸν νεκρὸν εἰς τὸ δωμάτιον καὶ τὴν σύζυγον ἀταραχον. Ἡ ὑπόθεσις ἐνέχει πολλὰ τὰ μυστηριώδη καὶ ἡ δίκη θὰ διεξαχθῇ προσεχῶς ἐνώπιον τῶν ὁρκωτῶν τοῦ Σηκουάνα, ὅπου ἀναμένονται νὰ καταθέσουν πολλοὶ μάρτυρες ἐκ τοῦ κύκλου τῆς ἀριστοκρατίας. Κατὰ τὰς πληροφορίας τοῦ τύπου ἡ σχέσις τῶν δύο συζύγων εἶχε κλονισθῇ πρὸ πολλοῦ καὶ αἱ σκηναὶ ἦσαν συχναὶ εἰς τὴν κατοικίαν των.
Ἡ κυρία Βεϋλέρ ἐπιστρέψασα εἰς τὴν οἰκίαν της ἐκάλεσε τὴν ἀστυνομίαν καὶ ἀνήγγειλεν ὅτι ἐφόνευσε τὸν σύζυγόν της. Οἱ ἀστυνομικοὶ μεταβάντες εὗρον τὸν νεκρὸν εἰς τὸ δωμάτιον καὶ τὴν σύζυγον ἀταραχον. Ἡ ὑπόθεσις ἐνέχει πολλὰ τὰ μυστηριώδη καὶ ἡ δίκη θὰ διεξαχθῇ προσεχῶς ἐνώπιον τῶν ὁρκωτῶν τοῦ Σηκουάνα, ὅπου ἀναμένονται νὰ καταθέσουν πολλοὶ μάρτυρες ἐκ τοῦ κύκλου τῆς ἀριστοκρατίας. Κατὰ τὰς πληροφορίας τοῦ τύπου ἡ σχέσις τῶν δύο συζύγων εἶχε κλονισθῇ πρὸ πολλοῦ καὶ αἱ σκηναὶ ἦσαν συχναὶ εἰς τὴν κατοικίαν των.
«Νέα Ἑστία»
Ἡ κυρία Βεϋλέρ ἐπιστρέψασα εἰς τὴν οἰκίαν της ἐκάλεσε τὴν ἀστυνομίαν καὶ ἀνήγγειλεν ὅτι ἐφόνευσε τὸν σύζυγόν της. Οἱ ἀστυνομικοὶ μεταβάντες εὗρον τὸν νεκρὸν εἰς τὸ δωμάτιον καὶ τὴν σύζυγον ἀταραχον. Ἡ ὑπόθεσις ἐνέχει πολλὰ τὰ μυστηριώδη καὶ ἡ δίκη θὰ διεξαχθῇ προσεχῶς ἐνώπιον τῶν ὁρκωτῶν τοῦ Σηκουάνα, ὅπου ἀναμένονται νὰ καταθέσουν πολλοὶ μάρτυρες ἐκ τοῦ κύκλου τῆς ἀριστοκρατίας. Κατὰ τὰς πληροφορίας τοῦ τύπου ἡ σχέσις τῶν δύο συζύγων εἶχε κλονισθῇ πρὸ πολλοῦ καὶ αἱ σκηναὶ ἦσαν συχναὶ εἰς τὴν κατοικίαν των.
Ἐπὶ τέλους!
Ἡ κυρία Βεϋλέρ ἐπιστρέψασα εἰς τὴν οἰκίαν της ἐκάλεσε τὴν ἀστυνομίαν καὶ ἀνήγγειλεν ὅτι ἐφόνευσε τὸν σύζυγόν της. Οἱ ἀστυνομικοὶ μεταβάντες εὗρον τὸν νεκρὸν εἰς τὸ δωμάτιον καὶ τὴν σύζυγον ἀταραχον. Ἡ ὑπόθεσις ἐνέχει πολλὰ τὰ μυστηριώδη καὶ ἡ δίκη θὰ διεξαχθῇ προσεχῶς ἐνώπιον τῶν ὁρκωτῶν τοῦ Σηκουάνα, ὅπου ἀναμένονται νὰ καταθέσουν πολλοὶ μάρτυρες ἐκ τοῦ κύκλου τῆς ἀριστοκρατίας. Κατὰ τὰς πληροφορίας τοῦ τύπου ἡ σχέσις τῶν δύο συζύγων εἶχε κλονισθῇ πρὸ πολλοῦ καὶ αἱ σκηναὶ ἦσαν συχναὶ εἰς τὴν κατοικίαν των.
Σύλλογος μεσαιωνικῶν γραμμάτων
Ἡ κυρία Βεϋλέρ ἐπιστρέψασα εἰς τὴν οἰκίαν της ἐκάλεσε τὴν ἀστυνομίαν καὶ ἀνήγγειλεν ὅτι ἐφόνευσε τὸν σύζυγόν της. Οἱ ἀστυνομικοὶ μεταβάντες εὗρον τὸν νεκρὸν εἰς τὸ δωμάτιον καὶ τὴν σύζυγον ἀταραχον. Ἡ ὑπόθεσις ἐνέχει πολλὰ τὰ μυστηριώδη καὶ ἡ δίκη θὰ διεξαχθῇ προσεχῶς ἐνώπιον τῶν ὁρκωτῶν τοῦ Σηκουάνα, ὅπου ἀναμένονται νὰ καταθέσουν πολλοὶ μάρτυρες ἐκ τοῦ κύκλου τῆς ἀριστοκρατίας. Κατὰ τὰς πληροφορίας τοῦ τύπου ἡ σχέσις τῶν δύο συζύγων εἶχε κλονισθῇ πρὸ πολλοῦ καὶ αἱ σκηναὶ ἦσαν συχναὶ εἰς τὴν κατοικίαν των.
Ἡ Πανελλήνιος ἔκθεσις
Ἡ κυρία Βεϋλέρ ἐπιστρέψασα εἰς τὴν οἰκίαν της ἐκάλεσε τὴν ἀστυνομίαν καὶ ἀνήγγειλεν ὅτι ἐφόνευσε τὸν σύζυγόν της. Οἱ ἀστυνομικοὶ μεταβάντες εὗρον τὸν νεκρὸν εἰς τὸ δωμάτιον καὶ τὴν σύζυγον ἀταραχον. Ἡ ὑπόθεσις ἐνέχει πολλὰ τὰ μυστηριώδη καὶ ἡ δίκη θὰ διεξαχθῇ προσεχῶς ἐνώπιον τῶν ὁρκωτῶν τοῦ Σηκουάνα, ὅπου ἀναμένονται νὰ καταθέσουν πολλοὶ μάρτυρες ἐκ τοῦ κύκλου τῆς ἀριστοκρατίας. Κατὰ τὰς πληροφορίας τοῦ τύπου ἡ σχέσις τῶν δύο συζύγων εἶχε κλονισθῇ πρὸ πολλοῦ καὶ αἱ σκηναὶ ἦσαν συχναὶ εἰς τὴν κατοικίαν των.
ΤΑ ΩΡΑΙΟΤΕΡΑ ΤΡΑΓΟΥΔΙΑ
ΣΤΗΝ ΠΑΤΡΙΔΑ ΜΟΥ ΑΘΗΝΑ
Ἡ κυρία Βεϋλέρ ἐπιστρέψασα εἰς τὴν οἰκίαν της ἐκάλεσε τὴν ἀστυνομίαν καὶ ἀνήγγειλεν ὅτι ἐφόνευσε τὸν σύζυγόν της. Οἱ ἀστυνομικοὶ μεταβάντες εὗρον τὸν νεκρὸν εἰς τὸ δωμάτιον καὶ τὴν σύζυγον ἀταραχον. Ἡ ὑπόθεσις ἐνέχει πολλὰ τὰ μυστηριώδη καὶ ἡ δίκη θὰ διεξαχθῇ προσεχῶς ἐνώπιον τῶν ὁρκωτῶν τοῦ Σηκουάνα, ὅπου ἀναμένονται νὰ καταθέσουν πολλοὶ μάρτυρες ἐκ τοῦ κύκλου τῆς ἀριστοκρατίας. Κατὰ τὰς πληροφορίας τοῦ τύπου ἡ σχέσις τῶν δύο συζύγων εἶχε κλονισθῇ πρὸ πολλοῦ καὶ αἱ σκηναὶ ἦσαν συχναὶ εἰς τὴν κατοικίαν των.
ΣΤΕΛΙΟΣ ΑΥΓΟΥΣΤΑΚΗΣ
Ὁ διάλογος τῆς ἡμέρας
Ἡ κυρία Βεϋλέρ ἐπιστρέψασα εἰς τὴν οἰκίαν της ἐκάλεσε τὴν ἀστυνομίαν καὶ ἀνήγγειλεν ὅτι ἐφόνευσε τὸν σύζυγόν της. Οἱ ἀστυνομικοὶ μεταβάντες εὗρον τὸν νεκρὸν εἰς τὸ δωμάτιον καὶ τὴν σύζυγον ἀταραχον. Ἡ ὑπόθεσις ἐνέχει πολλὰ τὰ μυστηριώδη καὶ ἡ δίκη θὰ διεξαχθῇ προσεχῶς ἐνώπιον τῶν ὁρκωτῶν τοῦ Σηκουάνα, ὅπου ἀναμένονται νὰ καταθέσουν πολλοὶ μάρτυρες ἐκ τοῦ κύκλου τῆς ἀριστοκρατίας. Κατὰ τὰς πληροφορίας τοῦ τύπου ἡ σχέσις τῶν δύο συζύγων εἶχε κλονισθῇ πρὸ πολλοῦ καὶ αἱ σκηναὶ ἦσαν συχναὶ εἰς τὴν κατοικίαν των.
ΙΩΑΝΝΟΥ ΚΟΝΔΥΛΑΚΗ (ΔΙΑΒΑΤΟΥ)
ΟΙ ΑΘΛΙΟΙ ΤΩΝ ΑΘΗΝΩΝ
(38)
Ἡ κυρία Βεϋλέρ ἐπιστρέψασα εἰς τὴν οἰκίαν της ἐκάλεσε τὴν ἀστυνομίαν καὶ ἀνήγγειλεν ὅτι ἐφόνευσε τὸν σύζυγόν της. Οἱ ἀστυνομικοὶ μεταβάντες εὗρον τὸν νεκρὸν εἰς τὸ δωμάτιον καὶ τὴν σύζυγον ἀταραχον. Ἡ ὑπόθεσις ἐνέχει πολλὰ τὰ μυστηριώδη καὶ ἡ δίκη θὰ διεξαχθῇ προσεχῶς ἐνώπιον τῶν ὁρκωτῶν τοῦ Σηκουάνα, ὅπου ἀναμένονται νὰ καταθέσουν πολλοὶ μάρτυρες ἐκ τοῦ κύκλου τῆς ἀριστοκρατίας. Κατὰ τὰς πληροφορίας τοῦ τύπου ἡ σχέσις τῶν δύο συζύγων εἶχε κλονισθῇ πρὸ πολλοῦ καὶ αἱ σκηναὶ ἦσαν συχναὶ εἰς τὴν κατοικίαν των.
Ἡ κυρία Βεϋλέρ ἐπιστρέψασα εἰς τὴν οἰκίαν της ἐκάλεσε τὴν ἀστυνομίαν καὶ ἀνήγγειλεν ὅτι ἐφόνευσε τὸν σύζυγόν της. Οἱ ἀστυνομικοὶ μεταβάντες εὗρον τὸν νεκρὸν εἰς τὸ δωμάτιον καὶ τὴν σύζυγον ἀταραχον. Ἡ ὑπόθεσις ἐνέχει πολλὰ τὰ μυστηριώδη καὶ ἡ δίκη θὰ διεξαχθῇ προσεχῶς ἐνώπιον τῶν ὁρκωτῶν τοῦ Σηκουάνα, ὅπου ἀναμένονται νὰ καταθέσουν πολλοὶ μάρτυρες ἐκ τοῦ κύκλου τῆς ἀριστοκρατίας. Κατὰ τὰς πληροφορίας τοῦ τύπου ἡ σχέσις τῶν δύο συζύγων εἶχε κλονισθῇ πρὸ πολλοῦ καὶ αἱ σκηναὶ ἦσαν συχναὶ εἰς τὴν κατοικίαν των.
Ἡ κυρία Βεϋλέρ ἐπιστρέψασα εἰς τὴν οἰκίαν της ἐκάλεσε τὴν ἀστυνομίαν καὶ ἀνήγγειλεν ὅτι ἐφόνευσε τὸν σύζυγόν της. Οἱ ἀστυνομικοὶ μεταβάντες εὗρον τὸν νεκρὸν εἰς τὸ δωμάτιον καὶ τὴν σύζυγον ἀταραχον. Ἡ ὑπόθεσις ἐνέχει πολλὰ τὰ μυστηριώδη καὶ ἡ δίκη θὰ διεξαχθῇ προσεχῶς ἐνώπιον τῶν ὁρκωτῶν τοῦ Σηκουάνα, ὅπου ἀναμένονται νὰ καταθέσουν πολλοὶ μάρτυρες ἐκ τοῦ κύκλου τῆς ἀριστοκρατίας. Κατὰ τὰς πληροφορίας τοῦ τύπου ἡ σχέσις τῶν δύο συζύγων εἶχε κλονισθῇ πρὸ πολλοῦ καὶ αἱ σκηναὶ ἦσαν συχναὶ εἰς τὴν κατοικίαν των.
Ἡ κυρία Βεϋλέρ ἐπιστρέψασα εἰς τὴν οἰκίαν της ἐκάλεσε τὴν ἀστυνομίαν καὶ ἀνήγγειλεν ὅτι ἐφόνευσε τὸν σύζυγόν της. Οἱ ἀστυνομικοὶ μεταβάντες εὗρον τὸν νεκρὸν εἰς τὸ δωμάτιον καὶ τὴν σύζυγον ἀταραχον. Ἡ ὑπόθεσις ἐνέχει πολλὰ τὰ μυστηριώδη καὶ ἡ δίκη θὰ διεξαχθῇ προσεχῶς ἐνώπιον τῶν ὁρκωτῶν τοῦ Σηκουάνα, ὅπου ἀναμένονται νὰ καταθέσουν πολλοὶ μάρτυρες ἐκ τοῦ κύκλου τῆς ἀριστοκρατίας. Κατὰ τὰς πληροφορίας τοῦ τύπου ἡ σχέσις τῶν δύο συζύγων εἶχε κλονισθῇ πρὸ πολλοῦ καὶ αἱ σκηναὶ ἦσαν συχναὶ εἰς τὴν κατοικίαν των.
Ἡ κυρία Βεϋλέρ ἐπιστρέψασα εἰς τὴν οἰκίαν της ἐκάλεσε τὴν ἀστυνομίαν καὶ ἀνήγγειλεν ὅτι ἐφόνευσε τὸν σύζυγόν της. Οἱ ἀστυνομικοὶ μεταβάντες εὗρον τὸν νεκρὸν εἰς τὸ δωμάτιον καὶ τὴν σύζυγον ἀταραχον. Ἡ ὑπόθεσις ἐνέχει πολλὰ τὰ μυστηριώδη καὶ ἡ δίκη θὰ διεξαχθῇ προσεχῶς ἐνώπιον τῶν ὁρκωτῶν τοῦ Σηκουάνα, ὅπου ἀναμένονται νὰ καταθέσουν πολλοὶ μάρτυρες ἐκ τοῦ κύκλου τῆς ἀριστοκρατίας. Κατὰ τὰς πληροφορίας τοῦ τύπου ἡ σχέσις τῶν δύο συζύγων εἶχε κλονισθῇ πρὸ πολλοῦ καὶ αἱ σκηναὶ ἦσαν συχναὶ εἰς τὴν κατοικίαν των.
Ἡ κυρία Βεϋλέρ ἐπιστρέψασα εἰς τὴν οἰκίαν της ἐκάλεσε τὴν ἀστυνομίαν καὶ ἀνήγγειλεν ὅτι ἐφόνευσε τὸν σύζυγόν της. Οἱ ἀστυνομικοὶ μεταβάντες εὗρον τὸν νεκρὸν εἰς τὸ δωμάτιον καὶ τὴν σύζυγον ἀταραχον. Ἡ ὑπόθεσις ἐνέχει πολλὰ τὰ μυστηριώδη καὶ ἡ δίκη θὰ διεξαχθῇ προσεχῶς ἐνώπιον τῶν ὁρκωτῶν τοῦ Σηκουάνα, ὅπου ἀναμένονται νὰ καταθέσουν πολλοὶ μάρτυρες ἐκ τοῦ κύκλου τῆς ἀριστοκρατίας. Κατὰ τὰς πληροφορίας τοῦ τύπου ἡ σχέσις τῶν δύο συζύγων εἶχε κλονισθῇ πρὸ πολλοῦ καὶ αἱ σκηναὶ ἦσαν συχναὶ εἰς τὴν κατοικίαν των.
Ἡ κυρία Βεϋλέρ ἐπιστρέψασα εἰς τὴν οἰκίαν της ἐκάλεσε τὴν ἀστυνομίαν καὶ ἀνήγγειλεν ὅτι ἐφόνευσε τὸν σύζυγόν της. Οἱ ἀστυνομικοὶ μεταβάντες εὗρον τὸν νεκρὸν εἰς τὸ δωμάτιον καὶ τὴν σύζυγον ἀταραχον. Ἡ ὑπόθεσις ἐνέχει πολλὰ τὰ μυστηριώδη καὶ ἡ δίκη θὰ διεξαχθῇ προσεχῶς ἐνώπιον τῶν ὁρκωτῶν τοῦ Σηκουάνα, ὅπου ἀναμένονται νὰ καταθέσουν πολλοὶ μάρτυρες ἐκ τοῦ κύκλου τῆς ἀριστοκρατίας. Κατὰ τὰς πληροφορίας τοῦ τύπου ἡ σχέσις τῶν δύο συζύγων εἶχε κλονισθῇ πρὸ πολλοῦ καὶ αἱ σκηναὶ ἦσαν συχναὶ εἰς τὴν κατοικίαν των.
Ἡ κυρία Βεϋλέρ ἐπιστρέψασα εἰς τὴν οἰκίαν της ἐκάλεσε τὴν ἀστυνομίαν καὶ ἀνήγγειλεν ὅτι ἐφόνευσε τὸν σύζυγόν της. Οἱ ἀστυνομικοὶ μεταβάντες εὗρον τὸν νεκρὸν εἰς τὸ δωμάτιον καὶ τὴν σύζυγον ἀταραχον. Ἡ ὑπόθεσις ἐνέχει πολλὰ τὰ μυστηριώδη καὶ ἡ δίκη θὰ διεξαχθῇ προσεχῶς ἐνώπιον τῶν ὁρκωτῶν τοῦ Σηκουάνα, ὅπου ἀναμένονται νὰ καταθέσουν πολλοὶ μάρτυρες ἐκ τοῦ κύκλου τῆς ἀριστοκρατίας. Κατὰ τὰς πληροφορίας τοῦ τύπου ἡ σχέσις τῶν δύο συζύγων εἶχε κλονισθῇ πρὸ πολλοῦ καὶ αἱ σκηναὶ ἦσαν συχναὶ εἰς τὴν κατοικίαν των.
Ἡ κυρία Βεϋλέρ ἐπιστρέψασα εἰς τὴν οἰκίαν της ἐκάλεσε τὴν ἀστυνομίαν καὶ ἀνήγγειλεν ὅτι ἐφόνευσε τὸν σύζυγόν της. Οἱ ἀστυνομικοὶ μεταβάντες εὗρον τὸν νεκρὸν εἰς τὸ δωμάτιον καὶ τὴν σύζυγον ἀταραχον. Ἡ ὑπόθεσις ἐνέχει πολλὰ τὰ μυστηριώδη καὶ ἡ δίκη θὰ διεξαχθῇ προσεχῶς ἐνώπιον τῶν ὁρκωτῶν τοῦ Σηκουάνα, ὅπου ἀναμένονται νὰ καταθέσουν πολλοὶ μάρτυρες ἐκ τοῦ κύκλου τῆς ἀριστοκρατίας. Κατὰ τὰς πληροφορίας τοῦ τύπου ἡ σχέσις τῶν δύο συζύγων εἶχε κλονισθῇ πρὸ πολλοῦ καὶ αἱ σκηναὶ ἦσαν συχναὶ εἰς τὴν κατοικίαν των.
Ἡ κυρία Βεϋλέρ ἐπιστρέψασα εἰς τὴν οἰκίαν της ἐκάλεσε τὴν ἀστυνομίαν καὶ ἀνήγγειλεν ὅτι ἐφόνευσε τὸν σύζυγόν της. Οἱ ἀστυνομικοὶ μεταβάντες εὗρον τὸν νεκρὸν εἰς τὸ δωμάτιον καὶ τὴν σύζυγον ἀταραχον. Ἡ ὑπόθεσις ἐνέχει πολλὰ τὰ μυστηριώδη καὶ ἡ δίκη θὰ διεξαχθῇ προσεχῶς ἐνώπιον τῶν ὁρκωτῶν τοῦ Σηκουάνα, ὅπου ἀναμένονται νὰ καταθέσουν πολλοὶ μάρτυρες ἐκ τοῦ κύκλου τῆς ἀριστοκρατίας. Κατὰ τὰς πληροφορίας τοῦ τύπου ἡ σχέσις τῶν δύο συζύγων εἶχε κλονισθῇ πρὸ πολλοῦ καὶ αἱ σκηναὶ ἦσαν συχναὶ εἰς τὴν κατοικίαν των.
Ἡ κυρία Βεϋλέρ ἐπιστρέψασα εἰς τὴν οἰκίαν της ἐκάλεσε τὴν ἀστυνομίαν καὶ ἀνήγγειλεν ὅτι ἐφόνευσε τὸν σύζυγόν της. Οἱ ἀστυνομικοὶ μεταβάντες εὗρον τὸν νεκρὸν εἰς τὸ δωμάτιον καὶ τὴν σύζυγον ἀταραχον. Ἡ ὑπόθεσις ἐνέχει πολλὰ τὰ μυστηριώδη καὶ ἡ δίκη θὰ διεξαχθῇ προσεχῶς ἐνώπιον τῶν ὁρκωτῶν τοῦ Σηκουάνα, ὅπου ἀναμένονται νὰ καταθέσουν πολλοὶ μάρτυρες ἐκ τοῦ κύκλου τῆς ἀριστοκρατίας. Κατὰ τὰς πληροφορίας τοῦ τύπου ἡ σχέσις τῶν δύο συζύγων εἶχε κλονισθῇ πρὸ πολλοῦ καὶ αἱ σκηναὶ ἦσαν συχναὶ εἰς τὴν κατοικίαν των.
(Ἀκολουθεῖ)
